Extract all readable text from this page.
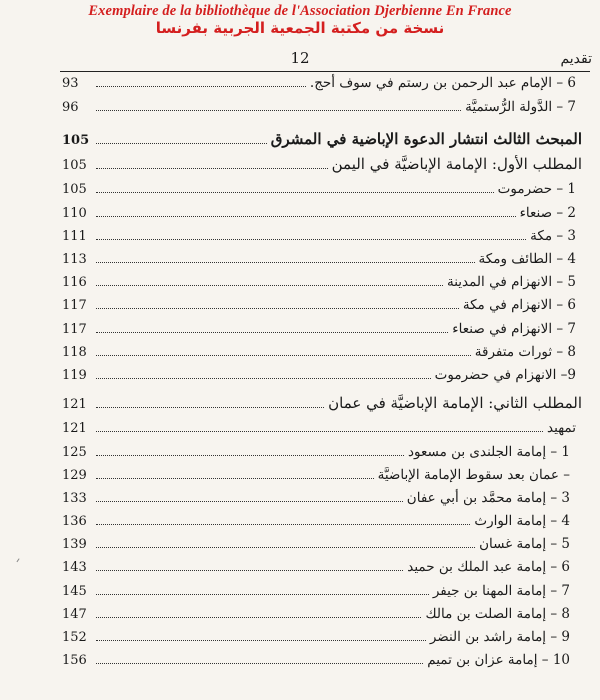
Exemplaire de la bibliothèque de l'Association Djerbienne En France
نسخة من مكتبة الجمعية الجربية بفرنسا
12	تقديم
93	6 – الإمام عبد الرحمن بن رستم في سوف أحج.
96	7 – الدَّولة الرُّستميَّة
105	المبحث الثالث انتشار الدعوة الإباضية في المشرق
105	المطلب الأول: الإمامة الإباضيَّة في اليمن
105	1 – حضرموت
110	2 – صنعاء
111	3 – مكة
113	4 – الطائف ومكة
116	5 – الانهزام في المدينة
117	6 – الانهزام في مكة
117	7 – الانهزام في صنعاء
118	8 – ثورات متفرقة
119	9– الانهزام في حضرموت
121	المطلب الثاني: الإمامة الإباضيَّة في عمان
121	تمهيد
125	1 – إمامة الجلندى بن مسعود
129	– عمان بعد سقوط الإمامة الإباضيَّة
133	3 – إمامة محمَّد بن أبي عفان
136	4 – إمامة الوارث
139	5 – إمامة غسان
143	6 – إمامة عبد الملك بن حميد
145	7 – إمامة المهنا بن جيفر
147	8 – إمامة الصلت بن مالك
152	9 – إمامة راشد بن النضر
156	10 – إمامة عزان بن تميم
